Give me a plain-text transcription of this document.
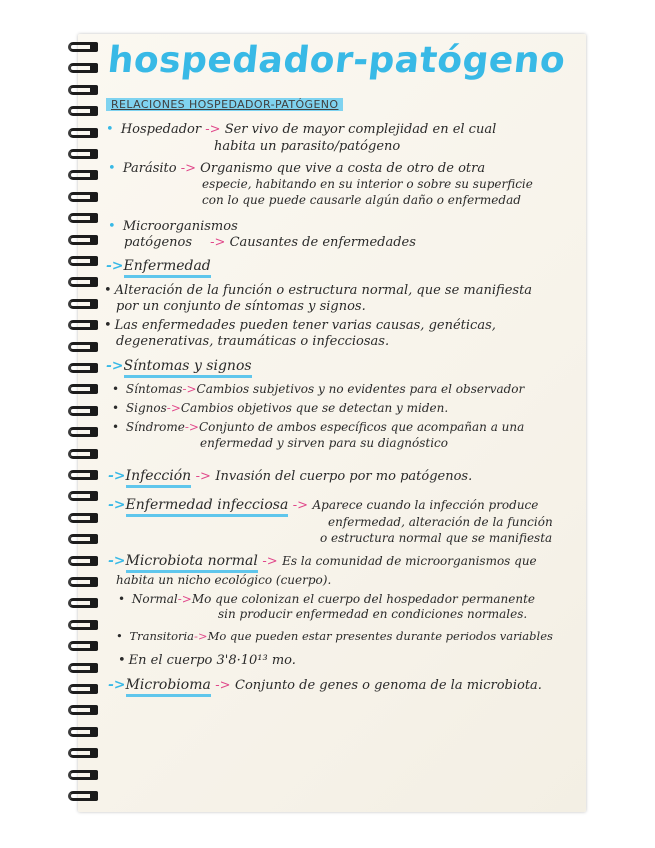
hospedador-patógeno
RELACIONES HOSPEDADOR-PATÓGENO
• Hospedador -> Ser vivo de mayor complejidad en el cual
habita un parasito/patógeno
• Parásito -> Organismo que vive a costa de otro de otra
especie, habitando en su interior o sobre su superficie
con lo que puede causarle algún daño o enfermedad
• Microorganismos
patógenos -> Causantes de enfermedades
->Enfermedad
• Alteración de la función o estructura normal, que se manifiesta
por un conjunto de síntomas y signos.
• Las enfermedades pueden tener varias causas, genéticas,
degenerativas, traumáticas o infecciosas.
->Síntomas y signos
• Síntomas->Cambios subjetivos y no evidentes para el observador
• Signos->Cambios objetivos que se detectan y miden.
• Síndrome->Conjunto de ambos específicos que acompañan a una
enfermedad y sirven para su diagnóstico
->Infección -> Invasión del cuerpo por mo patógenos.
->Enfermedad infecciosa -> Aparece cuando la infección produce
enfermedad, alteración de la función
o estructura normal que se manifiesta
->Microbiota normal -> Es la comunidad de microorganismos que
habita un nicho ecológico (cuerpo).
• Normal->Mo que colonizan el cuerpo del hospedador permanente
sin producir enfermedad en condiciones normales.
• Transitoria->Mo que pueden estar presentes durante periodos variables
• En el cuerpo 3'8·10¹³ mo.
->Microbioma -> Conjunto de genes o genoma de la microbiota.
